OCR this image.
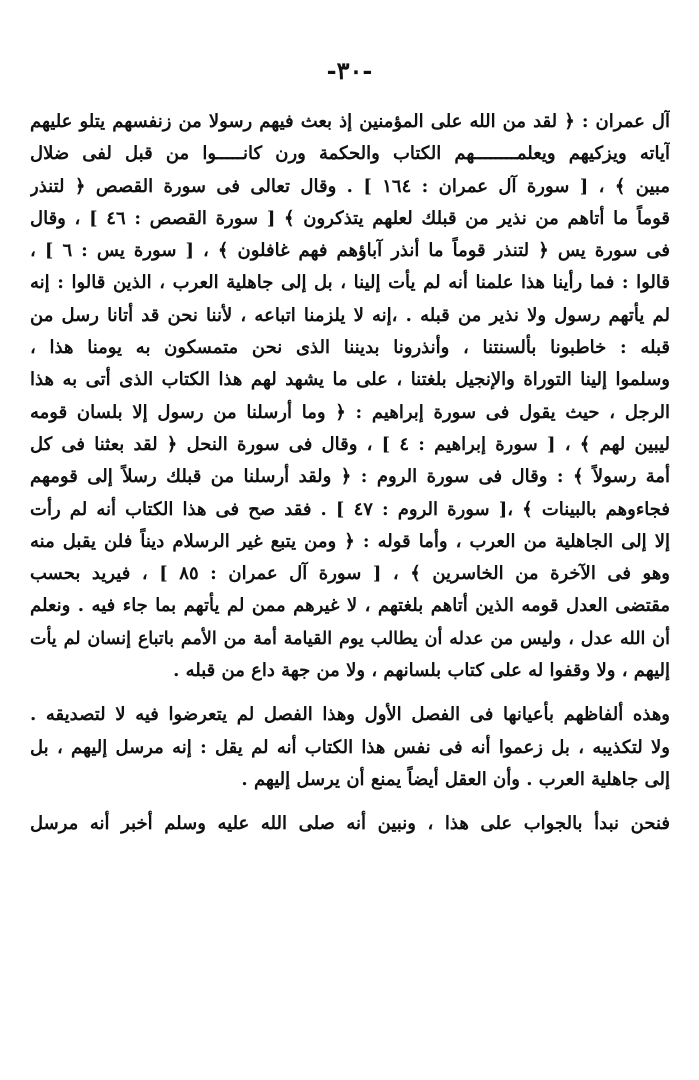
-٣٠-
آل عمران : ﴿ لقد من الله على المؤمنين إذ بعث فيهم رسولا من زنفسهم يتلو عليهم
آياته ويزكيهم ويعلمــــــــهم الكتاب والحكمة ورن كانـــــوا من قبل لفى ضلال
مبين ﴾ ، [ سورة آل عمران : ١٦٤ ] . وقال تعالى فى سورة القصص ﴿ لتنذر
قوماً ما أتاهم من نذير من قبلك لعلهم يتذكرون ﴾ [ سورة القصص : ٤٦ ] ، وقال
فى سورة يس ﴿ لتنذر قوماً ما أنذر آباؤهم فهم غافلون ﴾ ، [ سورة يس : ٦ ] ،
قالوا : فما رأينا هذا علمنا أنه لم يأت إلينا ، بل إلى جاهلية العرب ، الذين قالوا : إنه
لم يأتهم رسول ولا نذير من قبله . ،إنه لا يلزمنا اتباعه ، لأننا نحن قد أتانا رسل من
قبله : خاطبونا بألسنتنا ، وأنذرونا بديننا الذى نحن متمسكون به يومنا هذا ،
وسلموا إلينا التوراة والإنجيل بلغتنا ، على ما يشهد لهم هذا الكتاب الذى أتى به هذا
الرجل ، حيث يقول فى سورة إبراهيم : ﴿ وما أرسلنا من رسول إلا بلسان قومه
ليبين لهم ﴾ ، [ سورة إبراهيم : ٤ ] ، وقال فى سورة النحل ﴿ لقد بعثنا فى كل
أمة رسولاً ﴾ : وقال فى سورة الروم : ﴿ ولقد أرسلنا من قبلك رسلاً إلى قومهم
فجاءوهم بالبينات ﴾ ،[ سورة الروم : ٤٧ ] . فقد صح فى هذا الكتاب أنه لم رأت
إلا إلى الجاهلية من العرب ، وأما قوله : ﴿ ومن يتبع غير الرسلام ديناً فلن يقبل منه
وهو فى الآخرة من الخاسرين ﴾ ، [ سورة آل عمران : ٨٥ ] ، فيريد بحسب
مقتضى العدل قومه الذين أتاهم بلغتهم ، لا غيرهم ممن لم يأتهم بما جاء فيه . ونعلم
أن الله عدل ، وليس من عدله أن يطالب يوم القيامة أمة من الأمم باتباع إنسان لم يأت
إليهم ، ولا وقفوا له على كتاب بلسانهم ، ولا من جهة داع من قبله .
وهذه ألفاظهم بأعيانها فى الفصل الأول وهذا الفصل لم يتعرضوا فيه لا لتصديقه .
ولا لتكذيبه ، بل زعموا أنه فى نفس هذا الكتاب أنه لم يقل : إنه مرسل إليهم ، بل
إلى جاهلية العرب . وأن العقل أيضاً يمنع أن يرسل إليهم .
فنحن نبدأ بالجواب على هذا ، ونبين أنه صلى الله عليه وسلم أخبر أنه مرسل
